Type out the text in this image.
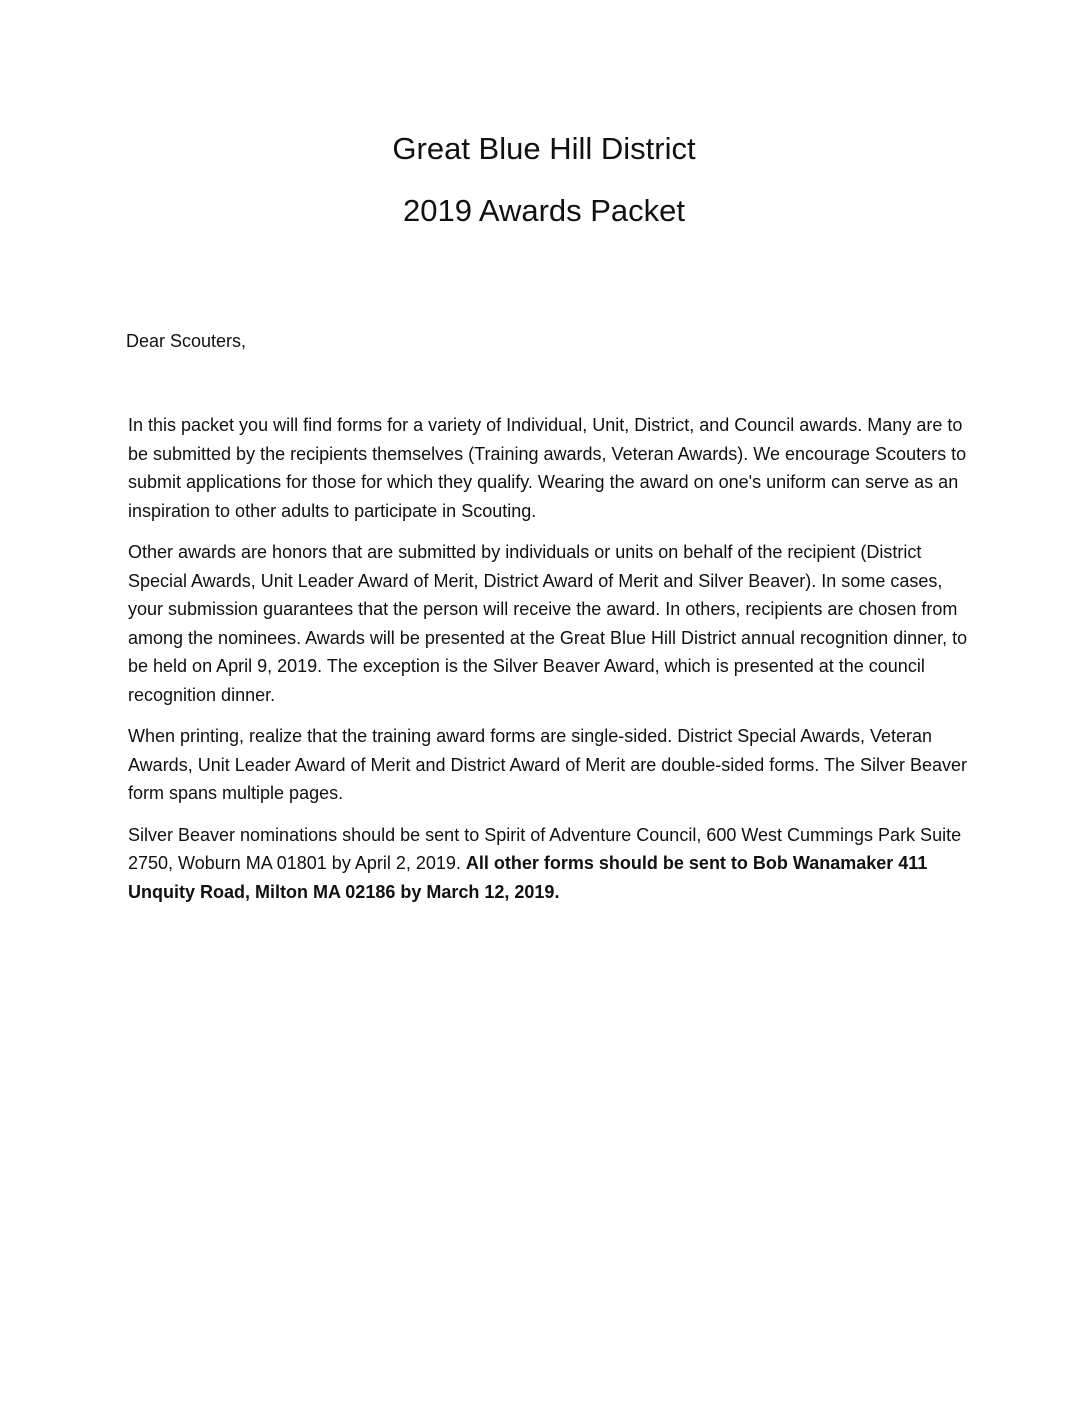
Great Blue Hill District

2019 Awards Packet

Dear Scouters,

In this packet you will find forms for a variety of Individual, Unit, District, and Council awards. Many are to be submitted by the recipients themselves (Training awards, Veteran Awards). We encourage Scouters to submit applications for those for which they qualify. Wearing the award on one's uniform can serve as an inspiration to other adults to participate in Scouting.

Other awards are honors that are submitted by individuals or units on behalf of the recipient (District Special Awards, Unit Leader Award of Merit, District Award of Merit and Silver Beaver). In some cases, your submission guarantees that the person will receive the award. In others, recipients are chosen from among the nominees. Awards will be presented at the Great Blue Hill District annual recognition dinner, to be held on April 9, 2019. The exception is the Silver Beaver Award, which is presented at the council recognition dinner.

When printing, realize that the training award forms are single-sided. District Special Awards, Veteran Awards, Unit Leader Award of Merit and District Award of Merit are double-sided forms. The Silver Beaver form spans multiple pages.

Silver Beaver nominations should be sent to Spirit of Adventure Council, 600 West Cummings Park Suite 2750, Woburn MA 01801 by April 2, 2019. All other forms should be sent to Bob Wanamaker 411 Unquity Road, Milton MA 02186 by March 12, 2019.
